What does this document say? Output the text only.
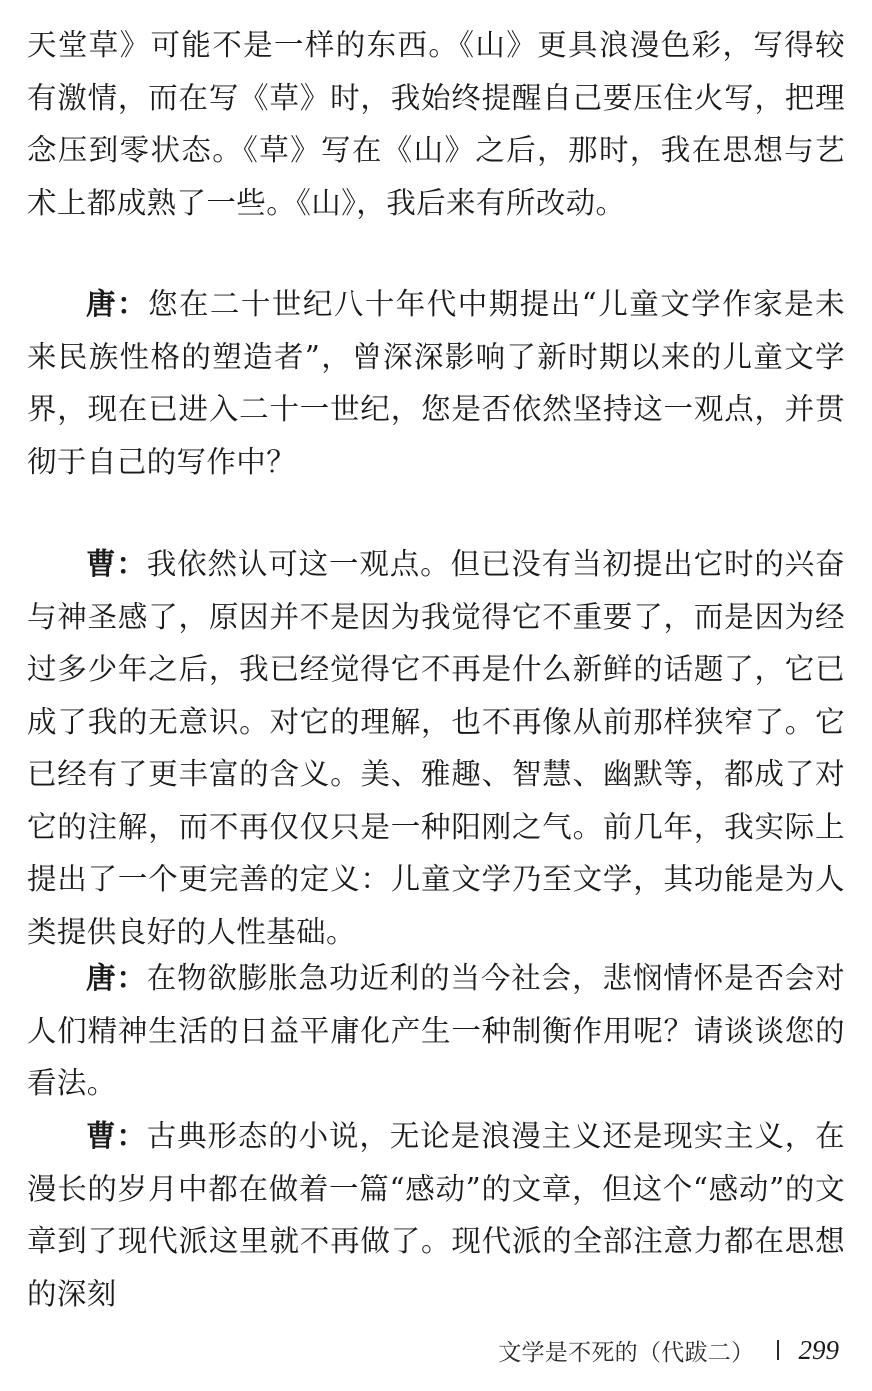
天堂草》可能不是一样的东西。《山》更具浪漫色彩，写得较有激情，而在写《草》时，我始终提醒自己要压住火写，把理念压到零状态。《草》写在《山》之后，那时，我在思想与艺术上都成熟了一些。《山》，我后来有所改动。

唐：您在二十世纪八十年代中期提出“儿童文学作家是未来民族性格的塑造者”，曾深深影响了新时期以来的儿童文学界，现在已进入二十一世纪，您是否依然坚持这一观点，并贯彻于自己的写作中？

曹：我依然认可这一观点。但已没有当初提出它时的兴奋与神圣感了，原因并不是因为我觉得它不重要了，而是因为经过多少年之后，我已经觉得它不再是什么新鲜的话题了，它已成了我的无意识。对它的理解，也不再像从前那样狭窄了。它已经有了更丰富的含义。美、雅趣、智慧、幽默等，都成了对它的注解，而不再仅仅只是一种阳刚之气。前几年，我实际上提出了一个更完善的定义：儿童文学乃至文学，其功能是为人类提供良好的人性基础。

唐：在物欲膨胀急功近利的当今社会，悲悯情怀是否会对人们精神生活的日益平庸化产生一种制衡作用呢？请谈谈您的看法。

曹：古典形态的小说，无论是浪漫主义还是现实主义，在漫长的岁月中都在做着一篇“感动”的文章，但这个“感动”的文章到了现代派这里就不再做了。现代派的全部注意力都在思想的深刻

文学是不死的（代跋二） 299
